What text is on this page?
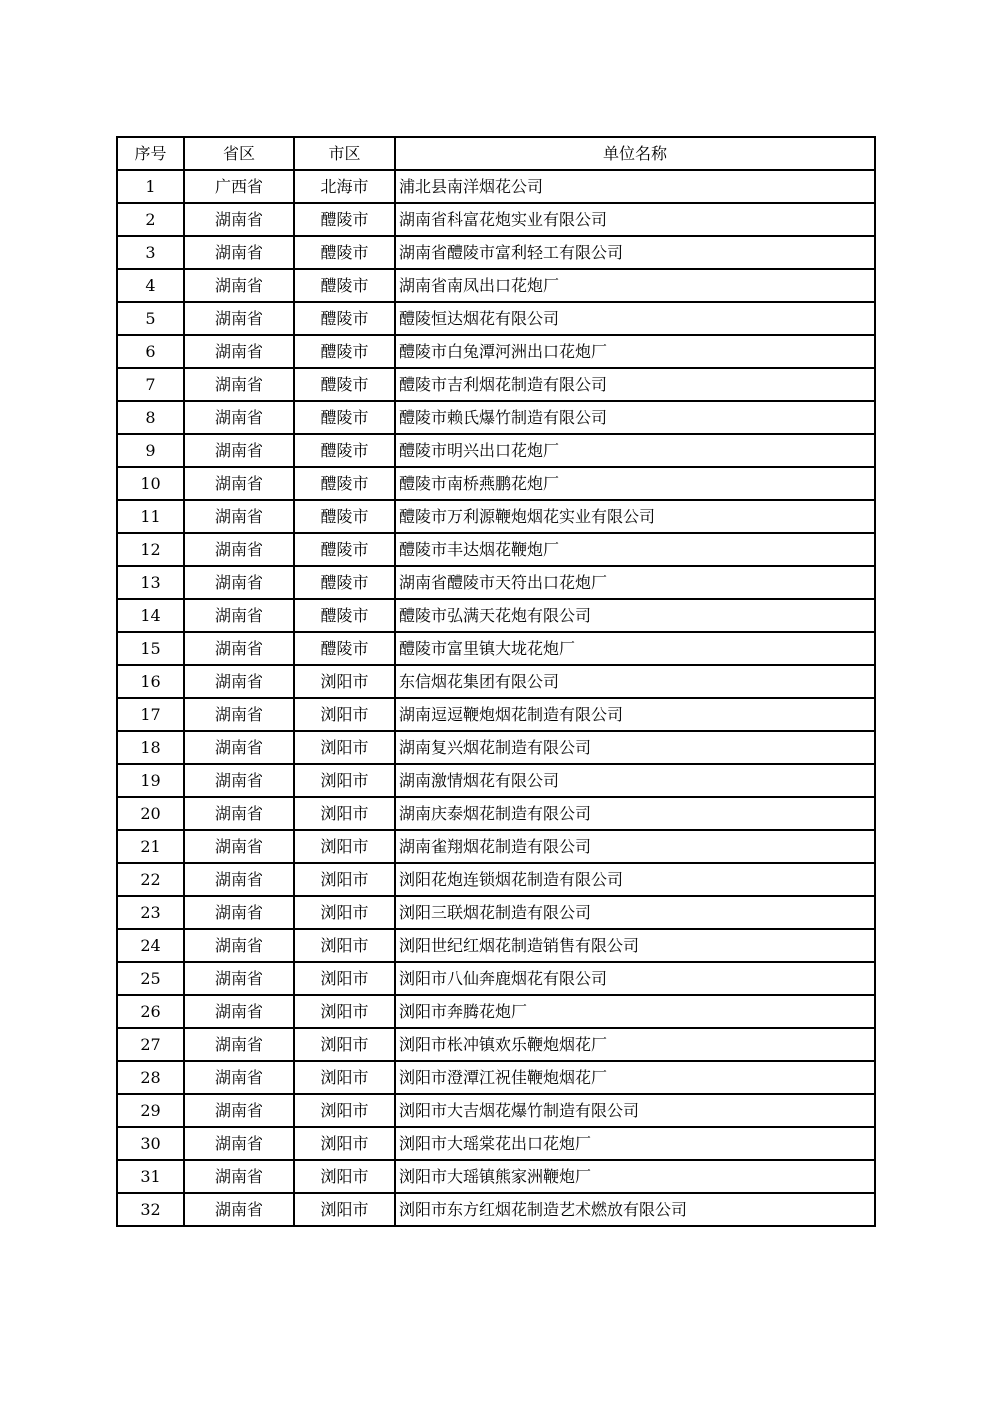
序号	省区	市区	单位名称
1	广西省	北海市	浦北县南洋烟花公司
2	湖南省	醴陵市	湖南省科富花炮实业有限公司
3	湖南省	醴陵市	湖南省醴陵市富利轻工有限公司
4	湖南省	醴陵市	湖南省南凤出口花炮厂
5	湖南省	醴陵市	醴陵恒达烟花有限公司
6	湖南省	醴陵市	醴陵市白兔潭河洲出口花炮厂
7	湖南省	醴陵市	醴陵市吉利烟花制造有限公司
8	湖南省	醴陵市	醴陵市赖氏爆竹制造有限公司
9	湖南省	醴陵市	醴陵市明兴出口花炮厂
10	湖南省	醴陵市	醴陵市南桥燕鹏花炮厂
11	湖南省	醴陵市	醴陵市万利源鞭炮烟花实业有限公司
12	湖南省	醴陵市	醴陵市丰达烟花鞭炮厂
13	湖南省	醴陵市	湖南省醴陵市天符出口花炮厂
14	湖南省	醴陵市	醴陵市弘满天花炮有限公司
15	湖南省	醴陵市	醴陵市富里镇大垅花炮厂
16	湖南省	浏阳市	东信烟花集团有限公司
17	湖南省	浏阳市	湖南逗逗鞭炮烟花制造有限公司
18	湖南省	浏阳市	湖南复兴烟花制造有限公司
19	湖南省	浏阳市	湖南激情烟花有限公司
20	湖南省	浏阳市	湖南庆泰烟花制造有限公司
21	湖南省	浏阳市	湖南雀翔烟花制造有限公司
22	湖南省	浏阳市	浏阳花炮连锁烟花制造有限公司
23	湖南省	浏阳市	浏阳三联烟花制造有限公司
24	湖南省	浏阳市	浏阳世纪红烟花制造销售有限公司
25	湖南省	浏阳市	浏阳市八仙奔鹿烟花有限公司
26	湖南省	浏阳市	浏阳市奔腾花炮厂
27	湖南省	浏阳市	浏阳市枨冲镇欢乐鞭炮烟花厂
28	湖南省	浏阳市	浏阳市澄潭江祝佳鞭炮烟花厂
29	湖南省	浏阳市	浏阳市大吉烟花爆竹制造有限公司
30	湖南省	浏阳市	浏阳市大瑶棠花出口花炮厂
31	湖南省	浏阳市	浏阳市大瑶镇熊家洲鞭炮厂
32	湖南省	浏阳市	浏阳市东方红烟花制造艺术燃放有限公司
